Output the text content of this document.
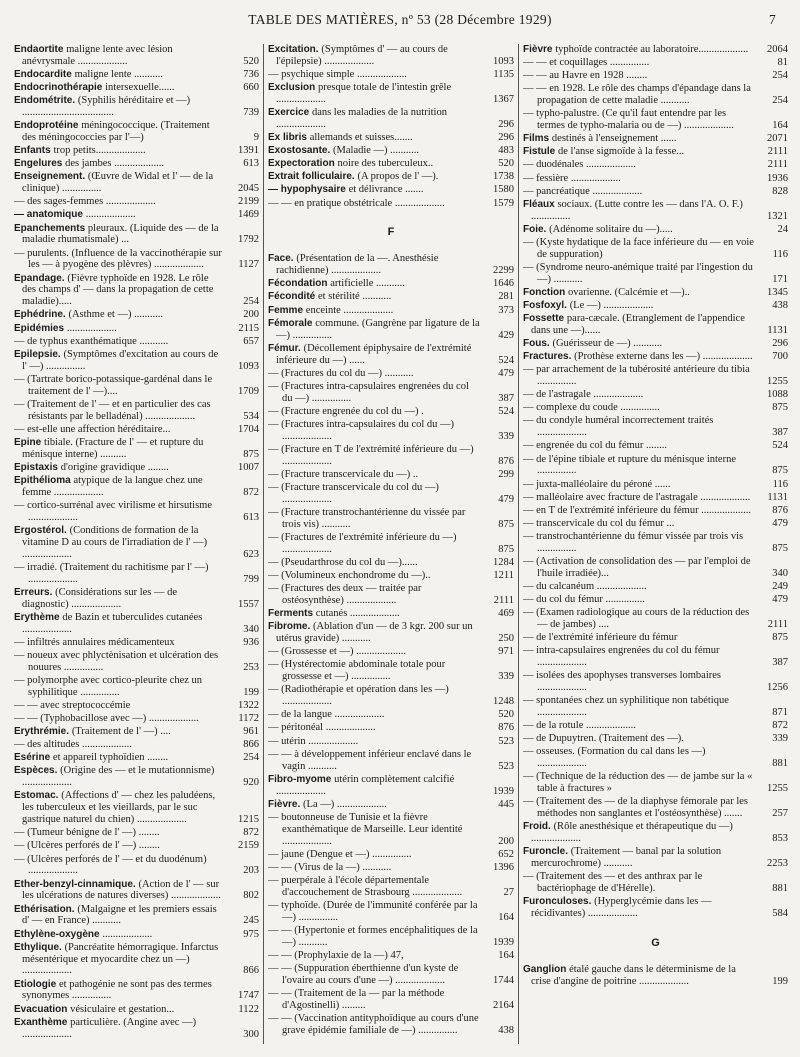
TABLE DES MATIÈRES, nº 53 (28 Décembre 1929)	7
Endaortite maligne lente avec lésion anévrysmale ...................	520
Endocardite maligne lente ...........	736
Endocrinothérapie intersexuelle......	660
Endométrite. (Syphilis héréditaire et —) ...................................	739
Endoprotéine méningococcique. (Traitement des méningococcies par l'—)	9
Enfants trop petits...................	1391
Engelures des jambes ...................	613
Enseignement. (Œuvre de Widal et l' — de la clinique) ...............	2045
— des sages-femmes ...................	2199
— anatomique ...................	1469
Epanchements pleuraux. (Liquide des — de la maladie rhumatismale) ...	1792
— purulents. (Influence de la vaccinothérapie sur les — à pyogène des plèvres) ...................	1127
Epandage. (Fièvre typhoïde en 1928. Le rôle des champs d' — dans la propagation de cette maladie).....	254
Ephédrine. (Asthme et —) ...........	200
Epidémies ...................	2115
— de typhus exanthématique ...........	657
Epilepsie. (Symptômes d'excitation au cours de l' —) ...............	1093
— (Tartrate borico-potassique-gardénal dans le traitement de l' —)....	1709
— (Traitement de l' — et en particulier des cas résistants par le belladénal) ...................	534
— est-elle une affection héréditaire...	1704
Epine tibiale. (Fracture de l' — et rupture du ménisque interne) ..........	875
Epistaxis d'origine gravidique ........	1007
Epithélioma atypique de la langue chez une femme ...................	872
— cortico-surrénal avec virilisme et hirsutisme ...................	613
Ergostérol. (Conditions de formation de la vitamine D au cours de l'irradiation de l' —) ...................	623
— irradié. (Traitement du rachitisme par l' —) ...................	799
Erreurs. (Considérations sur les — de diagnostic) ...................	1557
Erythème de Bazin et tuberculides cutanées ...................	340
— infiltrés annulaires médicamenteux	936
— noueux avec phlyctènisation et ulcération des nouures ...............	253
— polymorphe avec cortico-pleurite chez un syphilitique ...............	199
— — avec streptococcémie	1322
— — (Typhobacillose avec —) ...................	1172
Erythrémie. (Traitement de l' —) ....	961
— des altitudes ...................	866
Esérine et appareil typhoïdien ........	254
Espèces. (Origine des — et le mutationnisme) ...................	920
Estomac. (Affections d' — chez les paludéens, les tuberculeux et les vieillards, par le suc gastrique naturel du chien) ...................	1215
— (Tumeur bénigne de l' —) ........	872
— (Ulcères perforés de l' —) ........	2159
— (Ulcères perforés de l' — et du duodénum) ...................	203
Ether-benzyl-cinnamique. (Action de l' — sur les ulcérations de natures diverses) ................... 802
Ethérisation. (Malgaigne et les premiers essais d' — en France) ...........	245
Ethylène-oxygène ...................	975
Ethylique. (Pancréatite hémorragique. Infarctus mésentérique et myocardite chez un —) ...................	866
Etiologie et pathogénie ne sont pas des termes synonymes ...............	1747
Evacuation vésiculaire et gestation...	1122
Exanthème particulière. (Angine avec —) ...................	300
Excitation. (Symptômes d' — au cours de l'épilepsie) ...................	1093
— psychique simple ...................	1135
Exclusion presque totale de l'intestin grêle ...................	1367
Exercice dans les maladies de la nutrition ...................	296
Ex libris allemands et suisses.......	296
Exostosante. (Maladie —) ...........	483
Expectoration noire des tuberculeux..	520
Extrait folliculaire. (A propos de l' —).	1738
— hypophysaire et délivrance .......	1580
— — en pratique obstétricale ...................	1579
F
Face. (Présentation de la —. Anesthésie rachidienne) ...................	2299
Fécondation artificielle ...........	1646
Fécondité et stérilité ...........	281
Femme enceinte ...................	373
Fémorale commune. (Gangrène par ligature de la —) ...............	429
Fémur. (Décollement épiphysaire de l'extrémité inférieure du —) ......	524
— (Fractures du col du —) ...........	479
— (Fractures intra-capsulaires engrenées du col du —) ...............	387
— (Fracture engrenée du col du —) .	524
— (Fractures intra-capsulaires du col du —) ...................	339
— (Fracture en T de l'extrémité inférieure du —) ...................	876
— (Fracture transcervicale du —) ..	299
— (Fracture transcervicale du col du —) ...................	479
— (Fracture transtrochantérienne du vissée par trois vis) ...........	875
— (Fractures de l'extrémité inférieure du —) ...................	875
— (Pseudarthrose du col du —)......	1284
— (Volumineux enchondrome du —)..	1211
— (Fractures des deux — traitée par ostéosynthèse) ...................	2111
Ferments cutanés ...................	469
Fibrome. (Ablation d'un — de 3 kgr. 200 sur un utérus gravide) ...........	250
— (Grossesse et —) ...................	971
— (Hystérectomie abdominale totale pour grossesse et —) ...............	339
— (Radiothérapie et opération dans les —) ...................	1248
— de la langue ...................	520
— péritonéal ...................	876
— utérin ...................	523
— — à développement inférieur enclavé dans le vagin ...........	523
Fibro-myome utérin complètement calcifié ...................	1939
Fièvre. (La —) ...................	445
— boutonneuse de Tunisie et la fièvre exanthématique de Marseille. Leur identité ...................	200
— jaune (Dengue et —) ...............	652
— — (Virus de la —) ...........	1396
— puerpérale à l'école départementale d'accouchement de Strasbourg ...................	27
— typhoïde. (Durée de l'immunité conférée par la —) ...............	164
— — (Hypertonie et formes encéphalitiques de la —) ...........	1939
— — (Prophylaxie de la —) 47,	164
— — (Suppuration éberthienne d'un kyste de l'ovaire au cours d'une —) ...................	1744
— — (Traitement de la — par la méthode d'Agostinelli) .........	2164
— — (Vaccination antityphoïdique au cours d'une grave épidémie familiale de —) ...............	438
Fièvre typhoïde contractée au laboratoire................... 2064
— — et coquillages ...............	81
— — au Havre en 1928 ........	254
— — en 1928. Le rôle des champs d'épandage dans la propagation de cette maladie ...........	254
— typho-palustre. (Ce qu'il faut entendre par les termes de typho-malaria ou de —) ...................	164
Films destinés à l'enseignement ......	2071
Fistule de l'anse sigmoïde à la fesse...	2111
— duodénales ...................	2111
— fessière ...................	1936
— pancréatique ...................	828
Fléaux sociaux. (Lutte contre les — dans l'A. O. F.) ...............	1321
Foie. (Adénome solitaire du —).....	24
— (Kyste hydatique de la face inférieure du — en voie de suppuration)	116
— (Syndrome neuro-anémique traité par l'ingestion du —) ...........	171
Fonction ovarienne. (Calcémie et —)..	1345
Fosfoxyl. (Le —) ...................	438
Fossette para-cæcale. (Etranglement de l'appendice dans une —)......	1131
Fous. (Guérisseur de —) ...........	296
Fractures. (Prothèse externe dans les —) ................... 700
— par arrachement de la tubérosité antérieure du tibia ...............	1255
— de l'astragale ...................	1088
— complexe du coude ...............	875
— du condyle huméral incorrectement traités ...................	387
— engrenée du col du fémur ........	524
— de l'épine tibiale et rupture du ménisque interne ...............	875
— juxta-malléolaire du péroné ......	116
— malléolaire avec fracture de l'astragale ................... 1131
— en T de l'extrémité inférieure du fémur ................... 876
— transcervicale du col du fémur ...	479
— transtrochantérienne du fémur vissée par trois vis ...............	875
— (Activation de consolidation des — par l'emploi de l'huile irradiée)...	340
— du calcanéum ...................	249
— du col du fémur ...............	479
— (Examen radiologique au cours de la réduction des — de jambes) ....	2111
— de l'extrémité inférieure du fémur	875
— intra-capsulaires engrenées du col du fémur ...................	387
— isolées des apophyses transverses lombaires ...................	1256
— spontanées chez un syphilitique non tabétique ...................	871
— de la rotule ...................	872
— de Dupuytren. (Traitement des —).	339
— osseuses. (Formation du cal dans les —) ...................	881
— (Technique de la réduction des — de jambe sur la « table à fractures »	1255
— (Traitement des — de la diaphyse fémorale par les méthodes non sanglantes et l'ostéosynthèse) .......	257
Froid. (Rôle anesthésique et thérapeutique du —) ...................	853
Furoncle. (Traitement — banal par la solution mercurochrome) ...........	2253
— (Traitement des — et des anthrax par le bactériophage de d'Hérelle).	881
Furonculoses. (Hyperglycémie dans les — récidivantes) ...................	584
G
Ganglion étalé gauche dans le déterminisme de la crise d'angine de poitrine ...................	199
